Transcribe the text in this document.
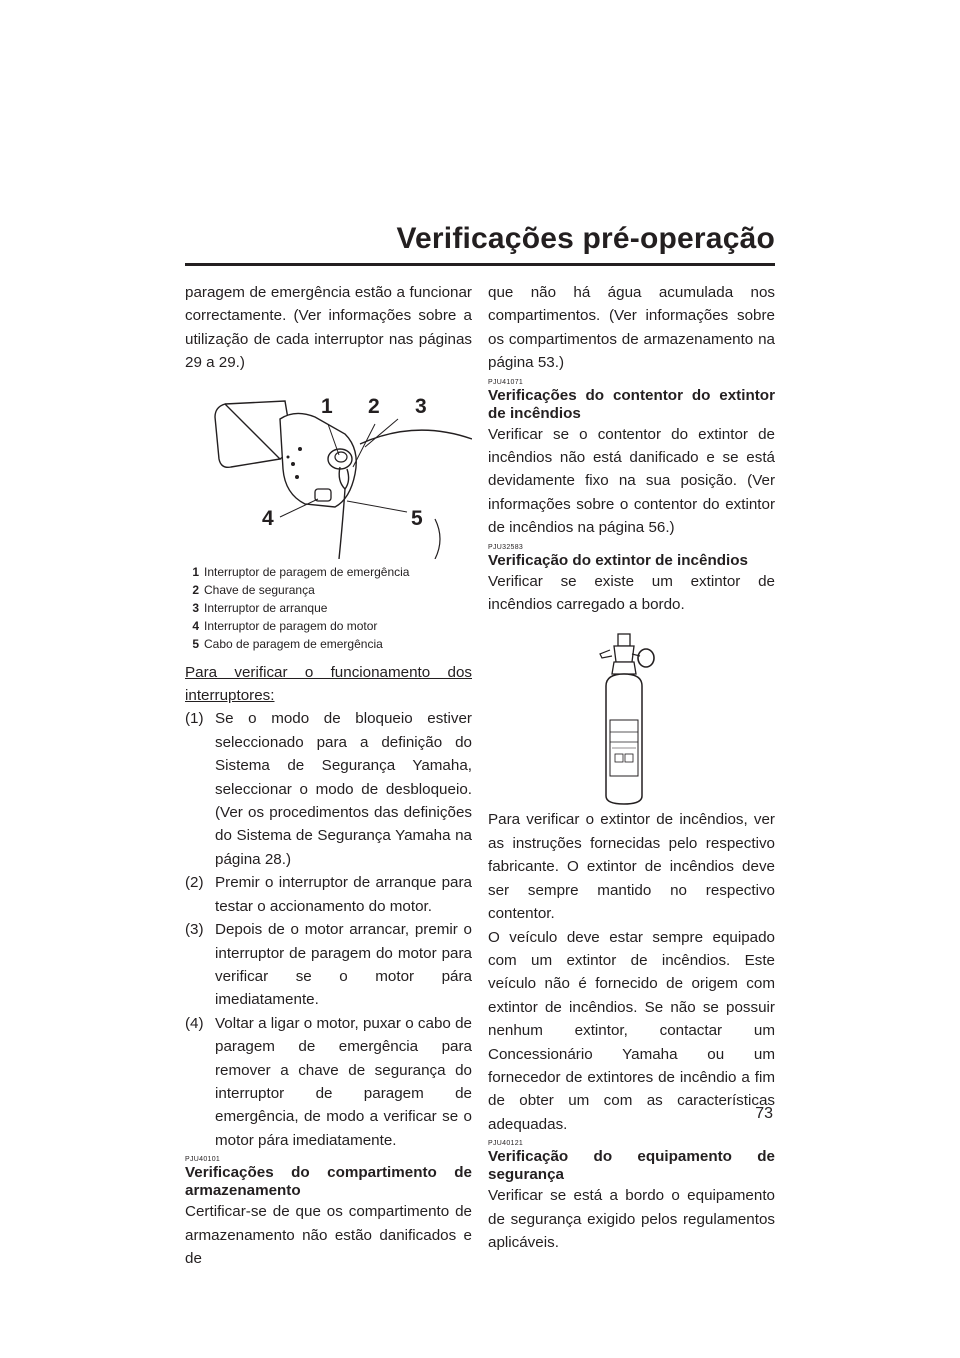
Verificações pré-operação

paragem de emergência estão a funcionar correctamente. (Ver informações sobre a utilização de cada interruptor nas páginas 29 a 29.)

1 2 3
4	5
1 Interruptor de paragem de emergência
2 Chave de segurança
3 Interruptor de arranque
4 Interruptor de paragem do motor
5 Cabo de paragem de emergência

Para verificar o funcionamento dos interruptores:

(1) Se o modo de bloqueio estiver seleccionado para a definição do Sistema de Segurança Yamaha, seleccionar o modo de desbloqueio. (Ver os procedimentos das definições do Sistema de Segurança Yamaha na página 28.)
(2) Premir o interruptor de arranque para testar o accionamento do motor.
(3) Depois de o motor arrancar, premir o interruptor de paragem do motor para verificar se o motor pára imediatamente.
(4) Voltar a ligar o motor, puxar o cabo de paragem de emergência para remover a chave de segurança do interruptor de paragem de emergência, de modo a verificar se o motor pára imediatamente.
PJU40101

Verificações do compartimento de armazenamento

Certificar-se de que os compartimento de armazenamento não estão danificados e de

que não há água acumulada nos compartimentos. (Ver informações sobre os compartimentos de armazenamento na página 53.)

PJU41071

Verificações do contentor do extintor de incêndios

Verificar se o contentor do extintor de incêndios não está danificado e se está devidamente fixo na sua posição. (Ver informações sobre o contentor do extintor de incêndios na página 56.)

PJU32583

Verificação do extintor de incêndios

Verificar se existe um extintor de incêndios carregado a bordo.

Para verificar o extintor de incêndios, ver as instruções fornecidas pelo respectivo fabricante. O extintor de incêndios deve ser sempre mantido no respectivo contentor.

O veículo deve estar sempre equipado com um extintor de incêndios. Este veículo não é fornecido de origem com extintor de incêndios. Se não se possuir nenhum extintor, contactar um Concessionário Yamaha ou um fornecedor de extintores de incêndio a fim de obter um com as características adequadas.

PJU40121

Verificação do equipamento de segurança

Verificar se está a bordo o equipamento de segurança exigido pelos regulamentos aplicáveis.

73
